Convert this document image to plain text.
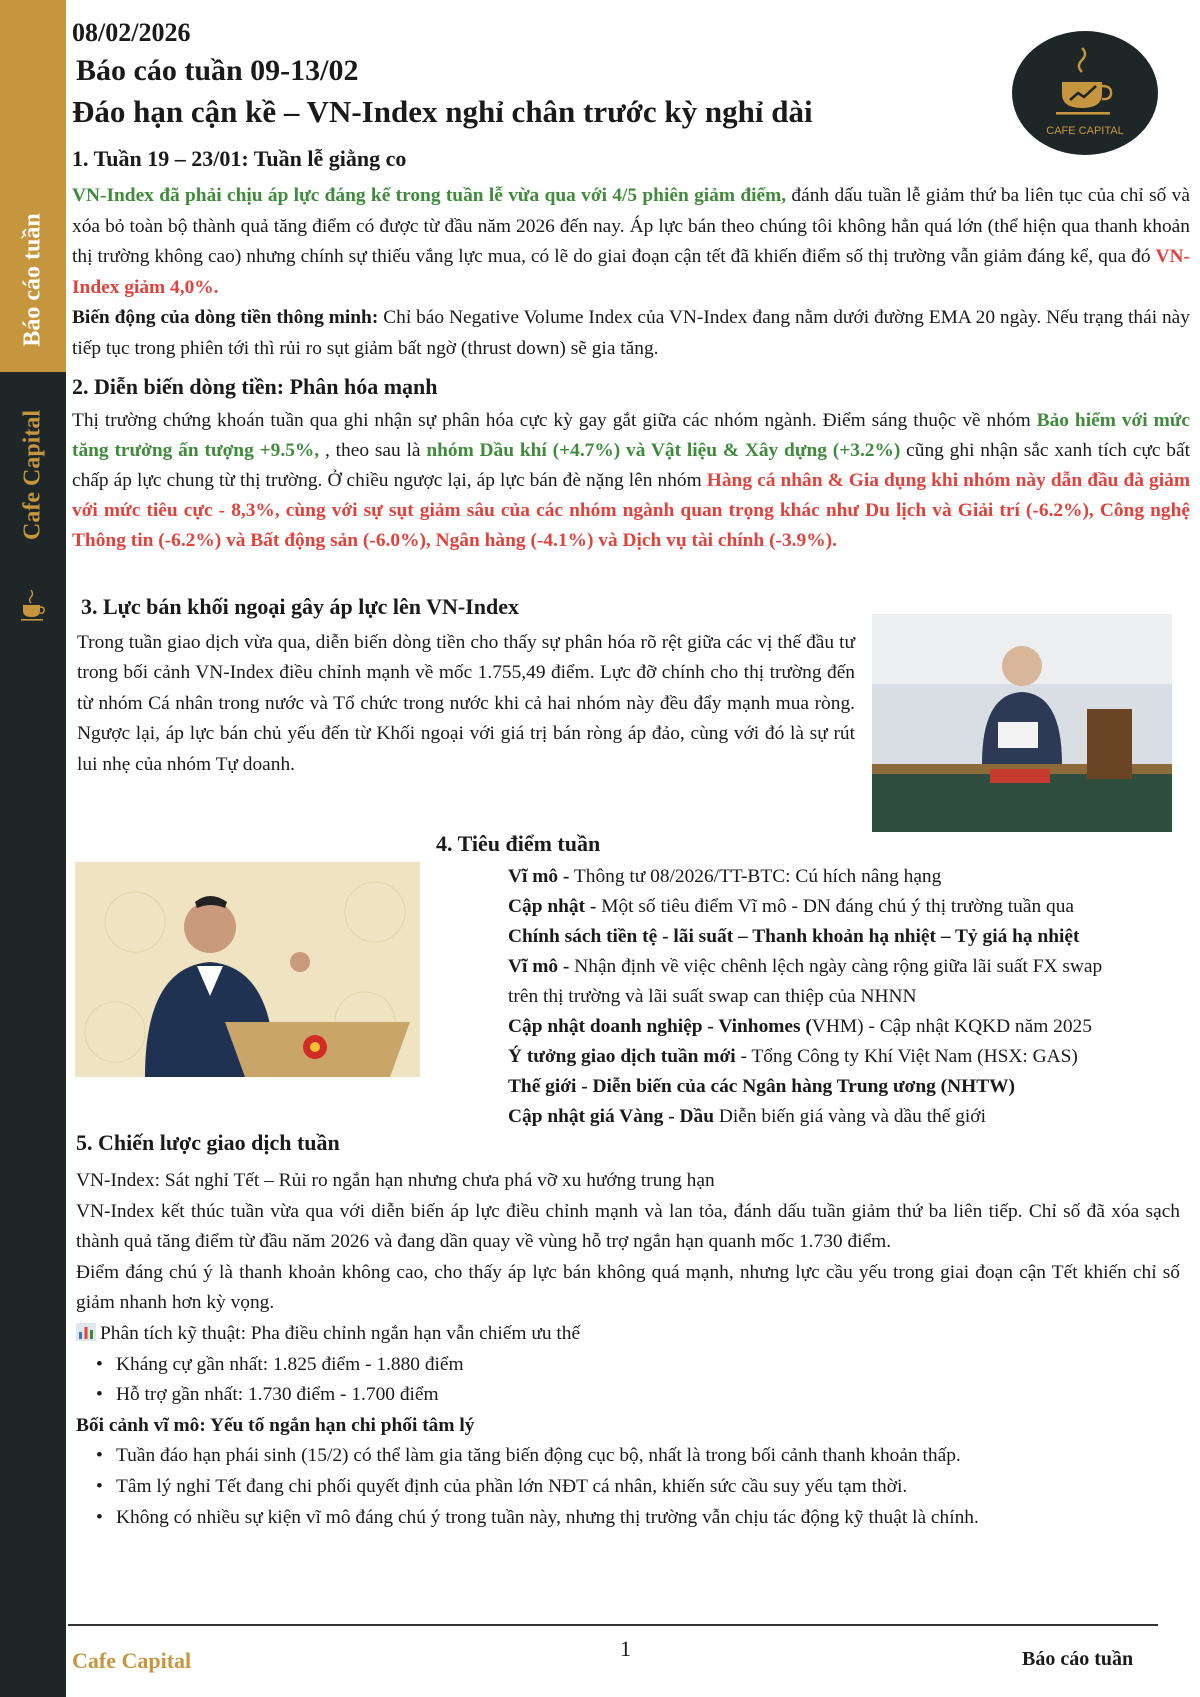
Báo cáo tuần
Cafe Capital
08/02/2026
Báo cáo tuần 09-13/02
Đáo hạn cận kề – VN-Index nghỉ chân trước kỳ nghỉ dài
CAFE CAPITAL
1. Tuần 19 – 23/01: Tuần lễ giằng co

VN-Index đã phải chịu áp lực đáng kể trong tuần lễ vừa qua với 4/5 phiên giảm điểm, đánh dấu tuần lễ giảm thứ ba liên tục của chỉ số và xóa bỏ toàn bộ thành quả tăng điểm có được từ đầu năm 2026 đến nay. Áp lực bán theo chúng tôi không hẳn quá lớn (thể hiện qua thanh khoản thị trường không cao) nhưng chính sự thiếu vắng lực mua, có lẽ do giai đoạn cận tết đã khiến điểm số thị trường vẫn giảm đáng kể, qua đó VN-Index giảm 4,0%.

Biến động của dòng tiền thông minh: Chỉ báo Negative Volume Index của VN-Index đang nằm dưới đường EMA 20 ngày. Nếu trạng thái này tiếp tục trong phiên tới thì rủi ro sụt giảm bất ngờ (thrust down) sẽ gia tăng.

2. Diễn biến dòng tiền: Phân hóa mạnh

Thị trường chứng khoán tuần qua ghi nhận sự phân hóa cực kỳ gay gắt giữa các nhóm ngành. Điểm sáng thuộc về nhóm Bảo hiểm với mức tăng trưởng ấn tượng +9.5%, , theo sau là nhóm Dầu khí (+4.7%) và Vật liệu & Xây dựng (+3.2%) cũng ghi nhận sắc xanh tích cực bất chấp áp lực chung từ thị trường. Ở chiều ngược lại, áp lực bán đè nặng lên nhóm Hàng cá nhân & Gia dụng khi nhóm này dẫn đầu đà giảm với mức tiêu cực - 8,3%, cùng với sự sụt giảm sâu của các nhóm ngành quan trọng khác như Du lịch và Giải trí (-6.2%), Công nghệ Thông tin (-6.2%) và Bất động sản (-6.0%), Ngân hàng (-4.1%) và Dịch vụ tài chính (-3.9%).

3. Lực bán khối ngoại gây áp lực lên VN-Index

Trong tuần giao dịch vừa qua, diễn biến dòng tiền cho thấy sự phân hóa rõ rệt giữa các vị thế đầu tư trong bối cảnh VN-Index điều chỉnh mạnh về mốc 1.755,49 điểm. Lực đỡ chính cho thị trường đến từ nhóm Cá nhân trong nước và Tổ chức trong nước khi cả hai nhóm này đều đẩy mạnh mua ròng. Ngược lại, áp lực bán chủ yếu đến từ Khối ngoại với giá trị bán ròng áp đảo, cùng với đó là sự rút lui nhẹ của nhóm Tự doanh.

4. Tiêu điểm tuần
Vĩ mô - Thông tư 08/2026/TT-BTC: Cú hích nâng hạng
Cập nhật - Một số tiêu điểm Vĩ mô - DN đáng chú ý thị trường tuần qua
Chính sách tiền tệ - lãi suất – Thanh khoản hạ nhiệt – Tỷ giá hạ nhiệt
Vĩ mô - Nhận định về việc chênh lệch ngày càng rộng giữa lãi suất FX swap
trên thị trường và lãi suất swap can thiệp của NHNN
Cập nhật doanh nghiệp - Vinhomes (VHM) - Cập nhật KQKD năm 2025
Ý tưởng giao dịch tuần mới - Tổng Công ty Khí Việt Nam (HSX: GAS)
Thế giới - Diễn biến của các Ngân hàng Trung ương (NHTW)
Cập nhật giá Vàng - Dầu Diễn biến giá vàng và dầu thế giới
5. Chiến lược giao dịch tuần

VN-Index: Sát nghỉ Tết – Rủi ro ngắn hạn nhưng chưa phá vỡ xu hướng trung hạn

VN-Index kết thúc tuần vừa qua với diễn biến áp lực điều chỉnh mạnh và lan tỏa, đánh dấu tuần giảm thứ ba liên tiếp. Chỉ số đã xóa sạch thành quả tăng điểm từ đầu năm 2026 và đang dần quay về vùng hỗ trợ ngắn hạn quanh mốc 1.730 điểm.

Điểm đáng chú ý là thanh khoản không cao, cho thấy áp lực bán không quá mạnh, nhưng lực cầu yếu trong giai đoạn cận Tết khiến chỉ số giảm nhanh hơn kỳ vọng.

Phân tích kỹ thuật: Pha điều chỉnh ngắn hạn vẫn chiếm ưu thế

• Kháng cự gần nhất: 1.825 điểm - 1.880 điểm
• Hỗ trợ gần nhất: 1.730 điểm - 1.700 điểm

Bối cảnh vĩ mô: Yếu tố ngắn hạn chi phối tâm lý

• Tuần đáo hạn phái sinh (15/2) có thể làm gia tăng biến động cục bộ, nhất là trong bối cảnh thanh khoản thấp.
• Tâm lý nghỉ Tết đang chi phối quyết định của phần lớn NĐT cá nhân, khiến sức cầu suy yếu tạm thời.
• Không có nhiều sự kiện vĩ mô đáng chú ý trong tuần này, nhưng thị trường vẫn chịu tác động kỹ thuật là chính.
Cafe Capital	1	Báo cáo tuần
